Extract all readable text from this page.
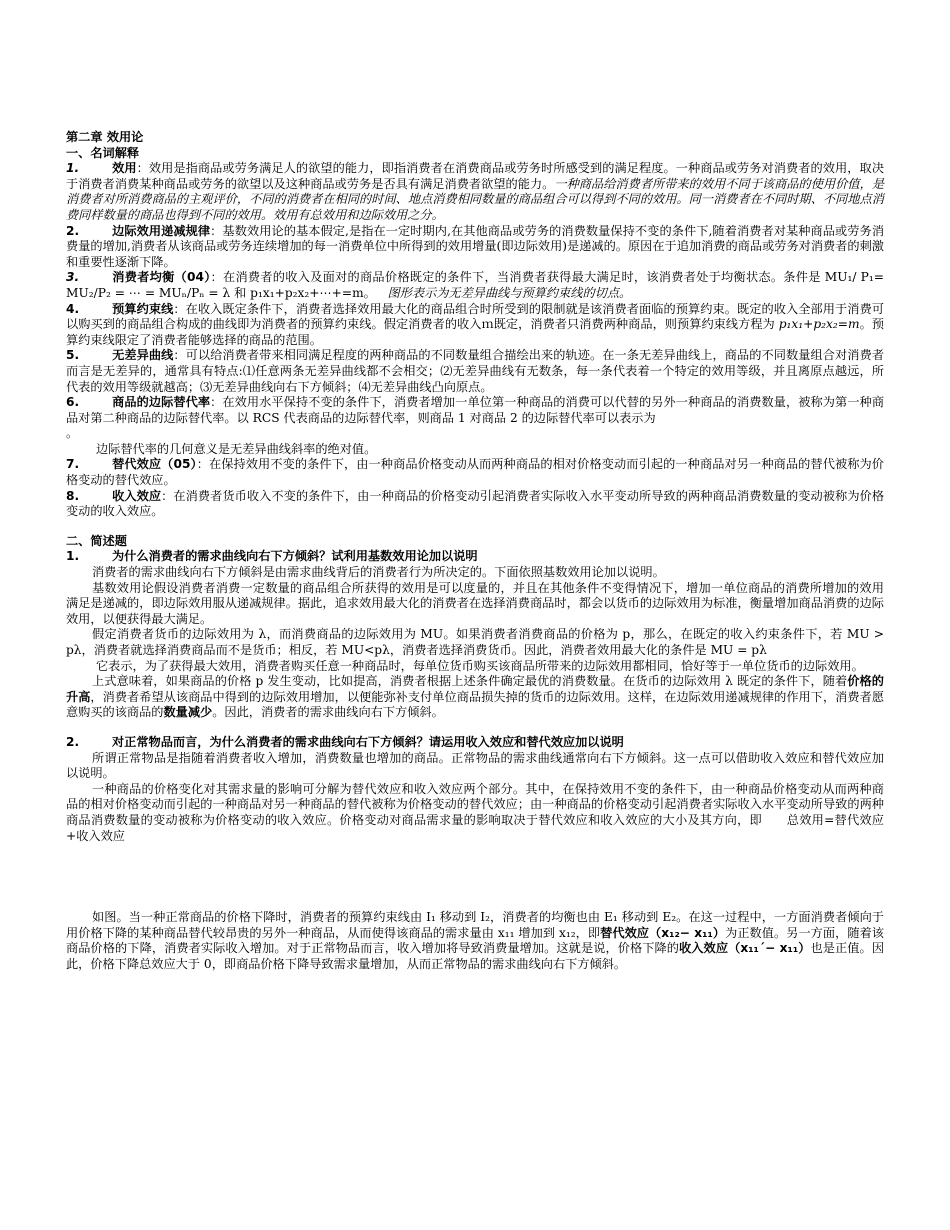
第二章 效用论
一、名词解释

1.	效用：效用是指商品或劳务满足人的欲望的能力，即指消费者在消费商品或劳务时所感受到的满足程度。一种商品或劳务对消费者的效用，取决于消费者消费某种商品或劳务的欲望以及这种商品或劳务是否具有满足消费者欲望的能力。一种商品给消费者所带来的效用不同于该商品的使用价值，是消费者对所消费商品的主观评价，不同的消费者在相同的时间、地点消费相同数量的商品组合可以得到不同的效用。同一消费者在不同时期、不同地点消费同样数量的商品也得到不同的效用。效用有总效用和边际效用之分。

2.	边际效用递减规律：基数效用论的基本假定,是指在一定时期内,在其他商品或劳务的消费数量保持不变的条件下,随着消费者对某种商品或劳务消费量的增加,消费者从该商品或劳务连续增加的每一消费单位中所得到的效用增量(即边际效用)是递减的。原因在于追加消费的商品或劳务对消费者的刺激和重要性逐渐下降。

3.	消费者均衡（04）：在消费者的收入及面对的商品价格既定的条件下，当消费者获得最大满足时，该消费者处于均衡状态。条件是 MU₁/ P₁= MU₂/P₂ = ⋯ = MUₙ/Pₙ = λ 和 p₁x₁+p₂x₂+⋯+=m。 图形表示为无差异曲线与预算约束线的切点。

4.	预算约束线：在收入既定条件下，消费者选择效用最大化的商品组合时所受到的限制就是该消费者面临的预算约束。既定的收入全部用于消费可以购买到的商品组合构成的曲线即为消费者的预算约束线。假定消费者的收入ｍ既定，消费者只消费两种商品，则预算约束线方程为 p₁x₁+p₂x₂=m。预算约束线限定了消费者能够选择的商品的范围。

5.	无差异曲线：可以给消费者带来相同满足程度的两种商品的不同数量组合描绘出来的轨迹。在一条无差异曲线上，商品的不同数量组合对消费者而言是无差异的，通常具有特点:⑴任意两条无差异曲线都不会相交；⑵无差异曲线有无数条，每一条代表着一个特定的效用等级，并且离原点越远，所代表的效用等级就越高；⑶无差异曲线向右下方倾斜；⑷无差异曲线凸向原点。

6.	商品的边际替代率：在效用水平保持不变的条件下，消费者增加一单位第一种商品的消费可以代替的另外一种商品的消费数量，被称为第一种商品对第二种商品的边际替代率。以 RCS 代表商品的边际替代率，则商品 1 对商品 2 的边际替代率可以表示为

。

边际替代率的几何意义是无差异曲线斜率的绝对值。

7.	替代效应（05）：在保持效用不变的条件下，由一种商品价格变动从而两种商品的相对价格变动而引起的一种商品对另一种商品的替代被称为价格变动的替代效应。

8.	收入效应：在消费者货币收入不变的条件下，由一种商品的价格变动引起消费者实际收入水平变动所导致的两种商品消费数量的变动被称为价格变动的收入效应。

二、简述题

1.	为什么消费者的需求曲线向右下方倾斜？试利用基数效用论加以说明

消费者的需求曲线向右下方倾斜是由需求曲线背后的消费者行为所决定的。下面依照基数效用论加以说明。

基数效用论假设消费者消费一定数量的商品组合所获得的效用是可以度量的，并且在其他条件不变得情况下，增加一单位商品的消费所增加的效用满足是递减的，即边际效用服从递减规律。据此，追求效用最大化的消费者在选择消费商品时，都会以货币的边际效用为标准，衡量增加商品消费的边际效用，以便获得最大满足。

假定消费者货币的边际效用为 λ，而消费商品的边际效用为 MU。如果消费者消费商品的价格为 p，那么，在既定的收入约束条件下，若 MU > pλ，消费者就选择消费商品而不是货币；相反，若 MU<pλ，消费者选择消费货币。因此，消费者效用最大化的条件是 MU = pλ

它表示，为了获得最大效用，消费者购买任意一种商品时，每单位货币购买该商品所带来的边际效用都相同，恰好等于一单位货币的边际效用。

上式意味着，如果商品的价格 p 发生变动，比如提高，消费者根据上述条件确定最优的消费数量。在货币的边际效用 λ 既定的条件下，随着价格的升高，消费者希望从该商品中得到的边际效用增加，以便能弥补支付单位商品损失掉的货币的边际效用。这样，在边际效用递减规律的作用下，消费者愿意购买的该商品的数量减少。因此，消费者的需求曲线向右下方倾斜。

2.	对正常物品而言，为什么消费者的需求曲线向右下方倾斜？请运用收入效应和替代效应加以说明

所谓正常物品是指随着消费者收入增加，消费数量也增加的商品。正常物品的需求曲线通常向右下方倾斜。这一点可以借助收入效应和替代效应加以说明。

一种商品的价格变化对其需求量的影响可分解为替代效应和收入效应两个部分。其中，在保持效用不变的条件下，由一种商品价格变动从而两种商品的相对价格变动而引起的一种商品对另一种商品的替代被称为价格变动的替代效应；由一种商品的价格变动引起消费者实际收入水平变动所导致的两种商品消费数量的变动被称为价格变动的收入效应。价格变动对商品需求量的影响取决于替代效应和收入效应的大小及其方向，即　　总效用=替代效应+收入效应

如图。当一种正常商品的价格下降时，消费者的预算约束线由 I₁ 移动到 I₂，消费者的均衡也由 E₁ 移动到 E₂。在这一过程中，一方面消费者倾向于用价格下降的某种商品替代较昂贵的另外一种商品，从而使得该商品的需求量由 x₁₁ 增加到 x₁₂，即替代效应（x₁₂− x₁₁）为正数值。另一方面，随着该商品价格的下降，消费者实际收入增加。对于正常物品而言，收入增加将导致消费量增加。这就是说，价格下降的收入效应（x₁₁ˊ− x₁₁）也是正值。因此，价格下降总效应大于 0，即商品价格下降导致需求量增加，从而正常物品的需求曲线向右下方倾斜。
